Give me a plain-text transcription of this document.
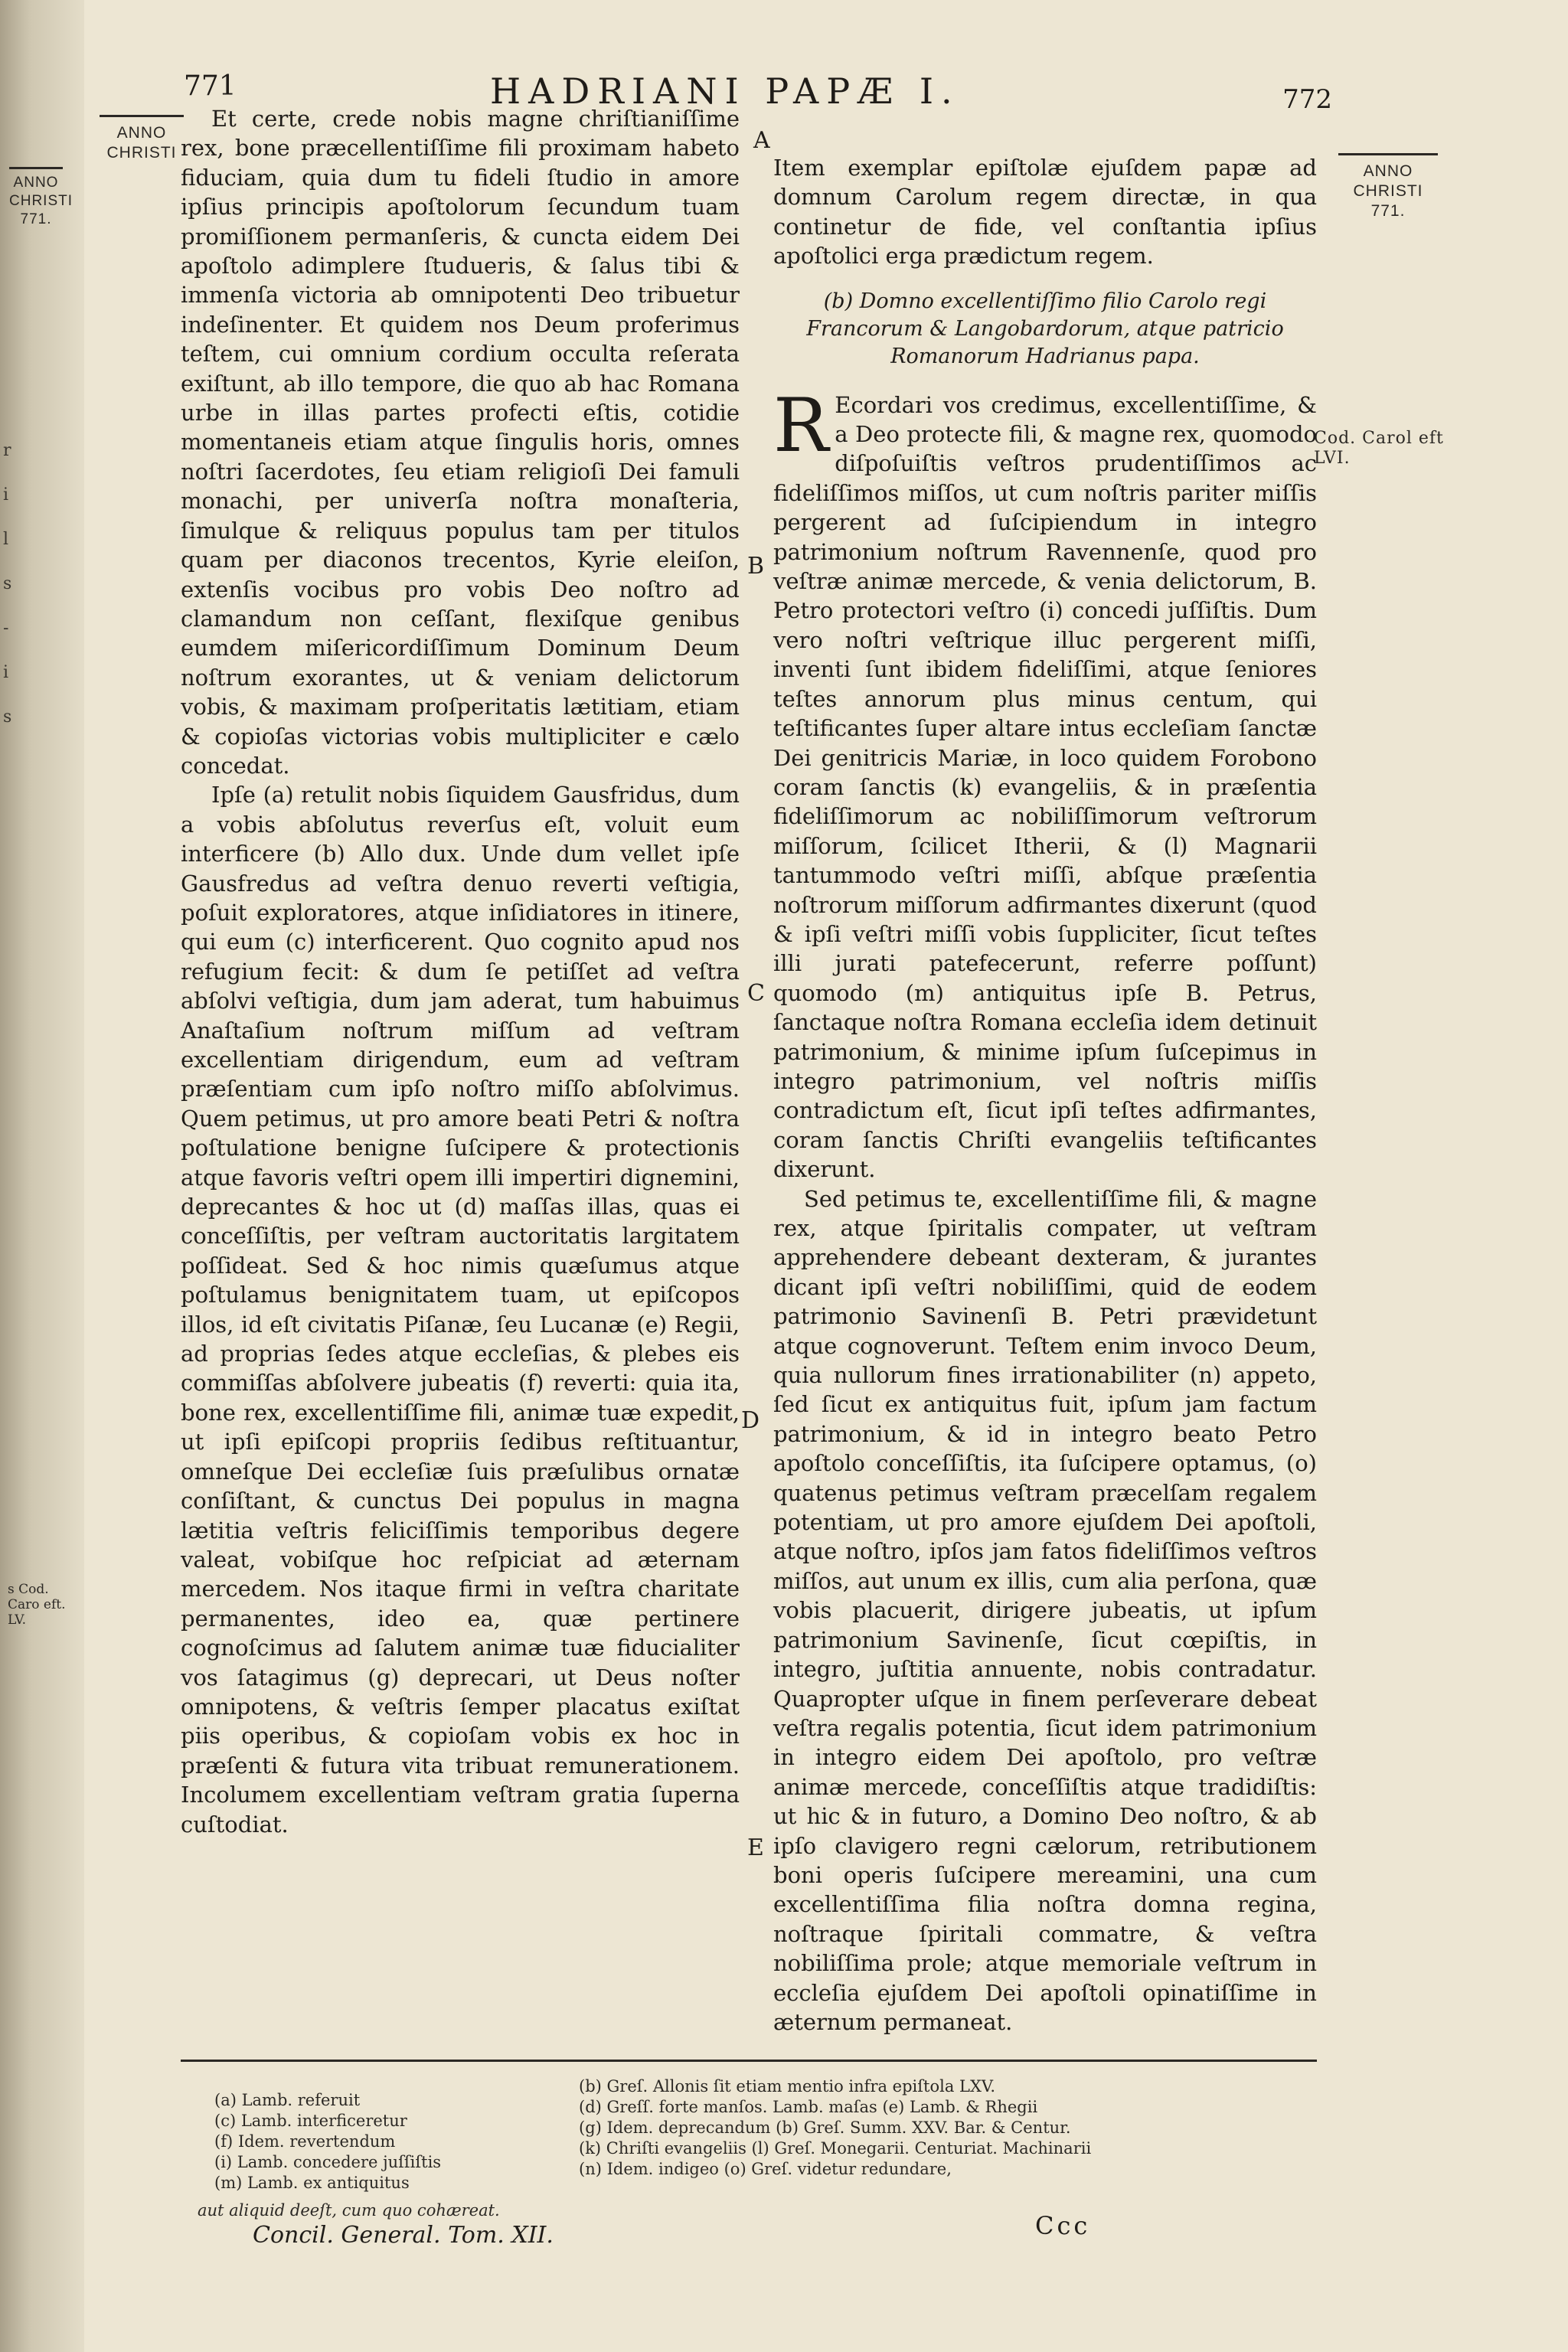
ANNO CHRISTI
771.
r
i
l
s
-
i
s
s Cod. Caro eft. LV.
771	HADRIANI PAPÆ I.	772
ANNO CHRISTI
ANNO CHRISTI
771.
Cod. Carol eft LVI.

Et certe, crede nobis magne chriſtianiſſime rex, bone præcellentiſſime fili proximam habeto fiduciam, quia dum tu fideli ſtudio in amore ipſius principis apoſtolorum ſecundum tuam promiſſionem permanſeris, & cuncta eidem Dei apoſtolo adimplere ſtudueris, & ſalus tibi & immenſa victoria ab omnipotenti Deo tribuetur indeſinenter. Et quidem nos Deum proferimus teſtem, cui omnium cordium occulta reſerata exiſtunt, ab illo tempore, die quo ab hac Romana urbe in illas partes profecti eſtis, cotidie momentaneis etiam atque ſingulis horis, omnes noſtri ſacerdotes, ſeu etiam religioſi Dei famuli monachi, per univerſa noſtra monaſteria, ſimulque & reliquus populus tam per titulos quam per diaconos trecentos, Kyrie eleiſon, extenſis vocibus pro vobis Deo noſtro ad clamandum non ceſſant, flexiſque genibus eumdem miſericordiſſimum Dominum Deum noſtrum exorantes, ut & veniam delictorum vobis, & maximam proſperitatis lætitiam, etiam & copioſas victorias vobis multipliciter e cælo concedat.

Ipſe (a) retulit nobis ſiquidem Gausfridus, dum a vobis abſolutus reverſus eſt, voluit eum interficere (b) Allo dux. Unde dum vellet ipſe Gausfredus ad veſtra denuo reverti veſtigia, poſuit exploratores, atque inſidiatores in itinere, qui eum (c) interficerent. Quo cognito apud nos refugium fecit: & dum ſe petiſſet ad veſtra abſolvi veſtigia, dum jam aderat, tum habuimus Anaſtaſium noſtrum miſſum ad veſtram excellentiam dirigendum, eum ad veſtram præſentiam cum ipſo noſtro miſſo abſolvimus. Quem petimus, ut pro amore beati Petri & noſtra poſtulatione benigne ſuſcipere & protectionis atque favoris veſtri opem illi impertiri dignemini, deprecantes & hoc ut (d) maſſas illas, quas ei conceſſiſtis, per veſtram auctoritatis largitatem poſſideat. Sed & hoc nimis quæſumus atque poſtulamus benignitatem tuam, ut epiſcopos illos, id eſt civitatis Piſanæ, ſeu Lucanæ (e) Regii, ad proprias ſedes atque eccleſias, & plebes eis commiſſas abſolvere jubeatis (f) reverti: quia ita, bone rex, excellentiſſime fili, animæ tuæ expedit, ut ipſi epiſcopi propriis ſedibus reſtituantur, omneſque Dei eccleſiæ ſuis præſulibus ornatæ conſiſtant, & cunctus Dei populus in magna lætitia veſtris feliciſſimis temporibus degere valeat, vobiſque hoc reſpiciat ad æternam mercedem. Nos itaque firmi in veſtra charitate permanentes, ideo ea, quæ pertinere cognoſcimus ad ſalutem animæ tuæ fiducialiter vos ſatagimus (g) deprecari, ut Deus noſter omnipotens, & veſtris ſemper placatus exiſtat piis operibus, & copioſam vobis ex hoc in præſenti & futura vita tribuat remunerationem. Incolumem excellentiam veſtram gratia ſuperna cuſtodiat.

Item exemplar epiſtolæ ejuſdem papæ ad domnum Carolum regem directæ, in qua continetur de fide, vel conſtantia ipſius apoſtolici erga prædictum regem.

(b) Domno excellentiſſimo filio Carolo regi Francorum & Langobardorum, atque patricio Romanorum Hadrianus papa.

R Ecordari vos credimus, excellentiſſime, & a Deo protecte fili, & magne rex, quomodo diſpoſuiſtis veſtros prudentiſſimos ac fideliſſimos miſſos, ut cum noſtris pariter miſſis pergerent ad ſuſcipiendum in integro patrimonium noſtrum Ravennenſe, quod pro veſtræ animæ mercede, & venia delictorum, B. Petro protectori veſtro (i) concedi juſſiſtis. Dum vero noſtri veſtrique illuc pergerent miſſi, inventi ſunt ibidem fideliſſimi, atque ſeniores teſtes annorum plus minus centum, qui teſtificantes ſuper altare intus eccleſiam ſanctæ Dei genitricis Mariæ, in loco quidem Forobono coram ſanctis (k) evangeliis, & in præſentia fideliſſimorum ac nobiliſſimorum veſtrorum miſſorum, ſcilicet Itherii, & (l) Magnarii tantummodo veſtri miſſi, abſque præſentia noſtrorum miſſorum adfirmantes dixerunt (quod & ipſi veſtri miſſi vobis ſuppliciter, ſicut teſtes illi jurati patefecerunt, referre poſſunt) quomodo (m) antiquitus ipſe B. Petrus, ſanctaque noſtra Romana eccleſia idem detinuit patrimonium, & minime ipſum ſuſcepimus in integro patrimonium, vel noſtris miſſis contradictum eſt, ſicut ipſi teſtes adfirmantes, coram ſanctis Chriſti evangeliis teſtificantes dixerunt.

Sed petimus te, excellentiſſime fili, & magne rex, atque ſpiritalis compater, ut veſtram apprehendere debeant dexteram, & jurantes dicant ipſi veſtri nobiliſſimi, quid de eodem patrimonio Savinenſi B. Petri prævidetunt atque cognoverunt. Teſtem enim invoco Deum, quia nullorum fines irrationabiliter (n) appeto, ſed ſicut ex antiquitus fuit, ipſum jam factum patrimonium, & id in integro beato Petro apoſtolo conceſſiſtis, ita ſuſcipere optamus, (o) quatenus petimus veſtram præcelſam regalem potentiam, ut pro amore ejuſdem Dei apoſtoli, atque noſtro, ipſos jam fatos fideliſſimos veſtros miſſos, aut unum ex illis, cum alia perſona, quæ vobis placuerit, dirigere jubeatis, ut ipſum patrimonium Savinenſe, ſicut cœpiſtis, in integro, juſtitia annuente, nobis contradatur. Quapropter uſque in finem perſeverare debeat veſtra regalis potentia, ſicut idem patrimonium in integro eidem Dei apoſtolo, pro veſtræ animæ mercede, conceſſiſtis atque tradidiſtis: ut hic & in futuro, a Domino Deo noſtro, & ab ipſo clavigero regni cælorum, retributionem boni operis ſuſcipere mereamini, una cum excellentiſſima filia noſtra domna regina, noſtraque ſpiritali commatre, & veſtra nobiliſſima prole; atque memoriale veſtrum in eccleſia ejuſdem Dei apoſtoli opinatiſſime in æternum permaneat.

A
B
C
D
E
(a) Lamb. referuit
(c) Lamb. interficeretur
(f) Idem. revertendum
(i) Lamb. concedere juſſiſtis
(m) Lamb. ex antiquitus
(b) Greſ. Allonis ſit etiam mentio infra epiſtola LXV.
(d) Greſſ. forte manſos. Lamb. maſas (e) Lamb. & Rhegii
(g) Idem. deprecandum (b) Greſ. Summ. XXV. Bar. & Centur.
(k) Chriſti evangeliis (l) Greſ. Monegarii. Centuriat. Machinarii
(n) Idem. indigeo (o) Greſ. videtur redundare,
aut aliquid deeſt, cum quo cohæreat.
Concil. General. Tom. XII.	Ccc
